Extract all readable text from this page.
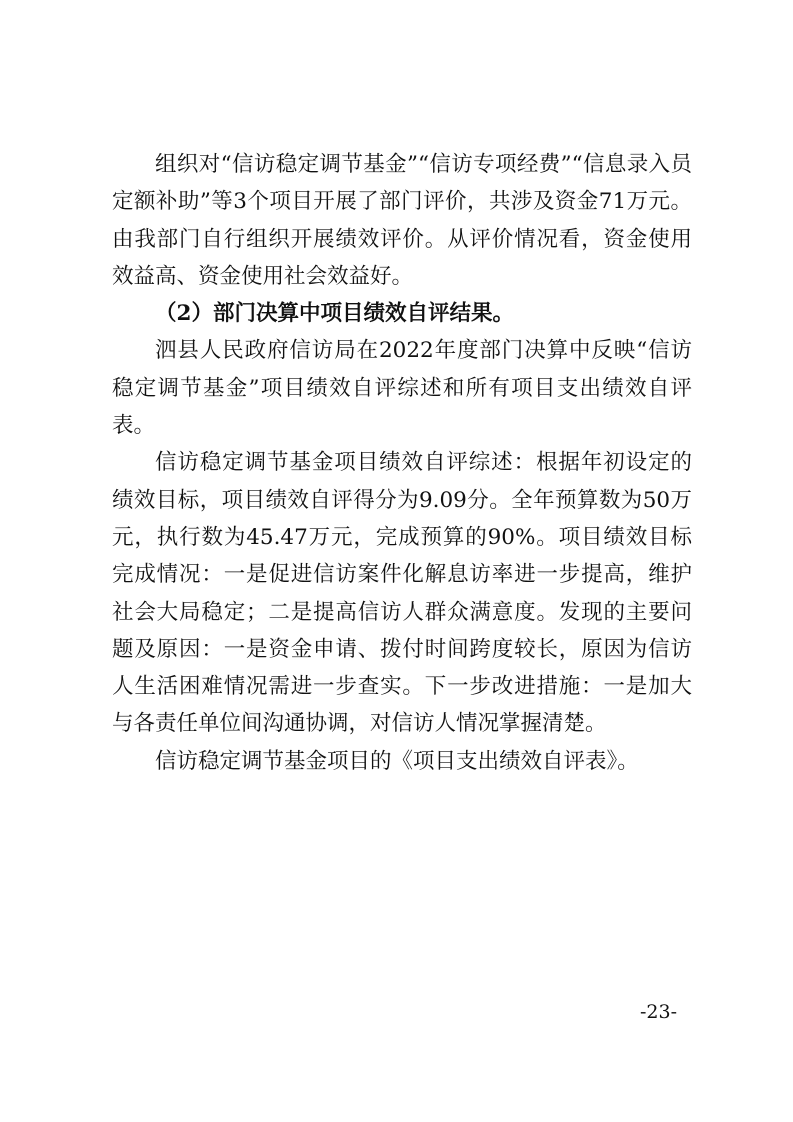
组织对“信访稳定调节基金”“信访专项经费”“信息录入员定额补助”等3个项目开展了部门评价，共涉及资金71万元。由我部门自行组织开展绩效评价。从评价情况看，资金使用效益高、资金使用社会效益好。

（2）部门决算中项目绩效自评结果。

泗县人民政府信访局在2022年度部门决算中反映“信访稳定调节基金”项目绩效自评综述和所有项目支出绩效自评表。

信访稳定调节基金项目绩效自评综述：根据年初设定的绩效目标，项目绩效自评得分为9.09分。全年预算数为50万元，执行数为45.47万元，完成预算的90%。项目绩效目标完成情况：一是促进信访案件化解息访率进一步提高，维护社会大局稳定；二是提高信访人群众满意度。发现的主要问题及原因：一是资金申请、拨付时间跨度较长，原因为信访人生活困难情况需进一步查实。下一步改进措施：一是加大与各责任单位间沟通协调，对信访人情况掌握清楚。

信访稳定调节基金项目的《项目支出绩效自评表》。

-23-
